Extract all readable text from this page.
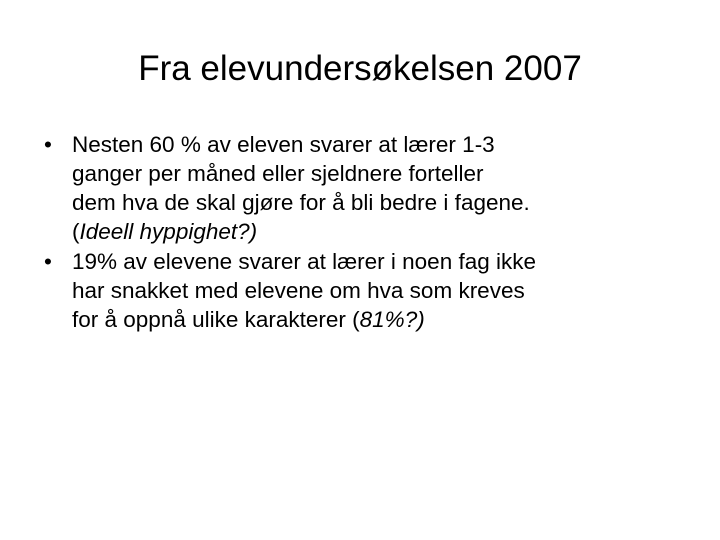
Fra elevundersøkelsen 2007
• Nesten 60 % av eleven svarer at lærer 1-3
ganger per måned eller sjeldnere forteller
dem hva de skal gjøre for å bli bedre i fagene.
(Ideell hyppighet?)
• 19% av elevene svarer at lærer i noen fag ikke
har snakket med elevene om hva som kreves
for å oppnå ulike karakterer (81%?)
